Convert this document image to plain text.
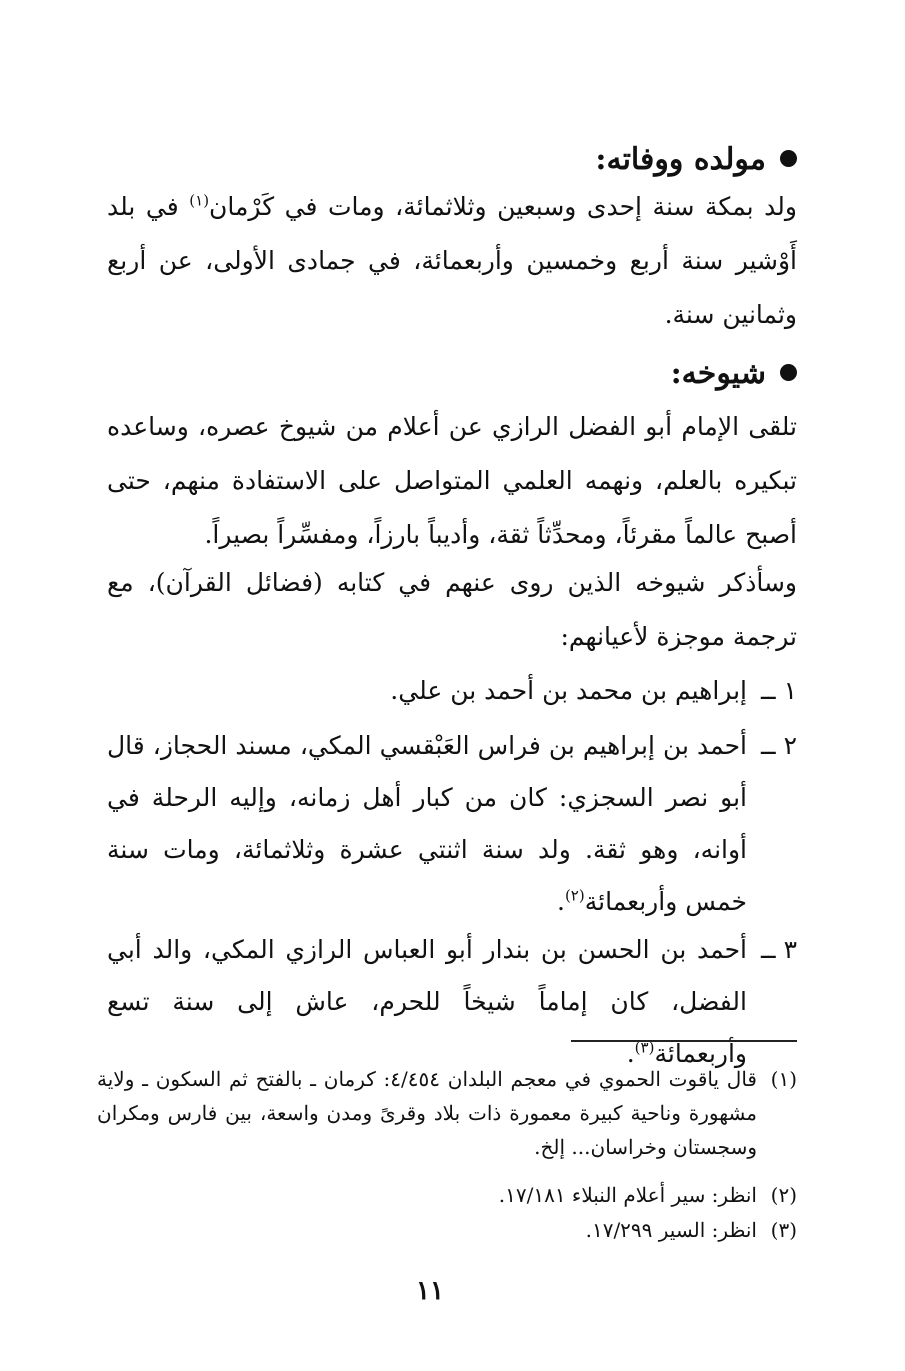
مولده ووفاته:
ولد بمكة سنة إحدى وسبعين وثلاثمائة، ومات في كَرْمان$^{(١)}$ في بلد أَوْشير سنة أربع وخمسين وأربعمائة، في جمادى الأولى، عن أربع وثمانين سنة.
شيوخه:
تلقى الإمام أبو الفضل الرازي عن أعلام من شيوخ عصره، وساعده تبكيره بالعلم، ونهمه العلمي المتواصل على الاستفادة منهم، حتى أصبح عالماً مقرئاً، ومحدِّثاً ثقة، وأديباً بارزاً، ومفسِّراً بصيراً.
وسأذكر شيوخه الذين روى عنهم في كتابه (فضائل القرآن)، مع ترجمة موجزة لأعيانهم:
١ ــ
إبراهيم بن محمد بن أحمد بن علي.
٢ ــ
أحمد بن إبراهيم بن فراس العَبْقسي المكي، مسند الحجاز، قال أبو نصر السجزي: كان من كبار أهل زمانه، وإليه الرحلة في أوانه، وهو ثقة. ولد سنة اثنتي عشرة وثلاثمائة، ومات سنة خمس وأربعمائة$^{(٢)}$.
٣ ــ
أحمد بن الحسن بن بندار أبو العباس الرازي المكي، والد أبي الفضل، كان إماماً شيخاً للحرم، عاش إلى سنة تسع وأربعمائة$^{(٣)}$.
(١)
قال ياقوت الحموي في معجم البلدان ٤/٤٥٤: كرمان ـ بالفتح ثم السكون ـ ولاية مشهورة وناحية كبيرة معمورة ذات بلاد وقرىً ومدن واسعة، بين فارس ومكران وسجستان وخراسان... إلخ.
(٢)
انظر: سير أعلام النبلاء ١٧/١٨١.
(٣)
انظر: السير ١٧/٢٩٩.
١١
